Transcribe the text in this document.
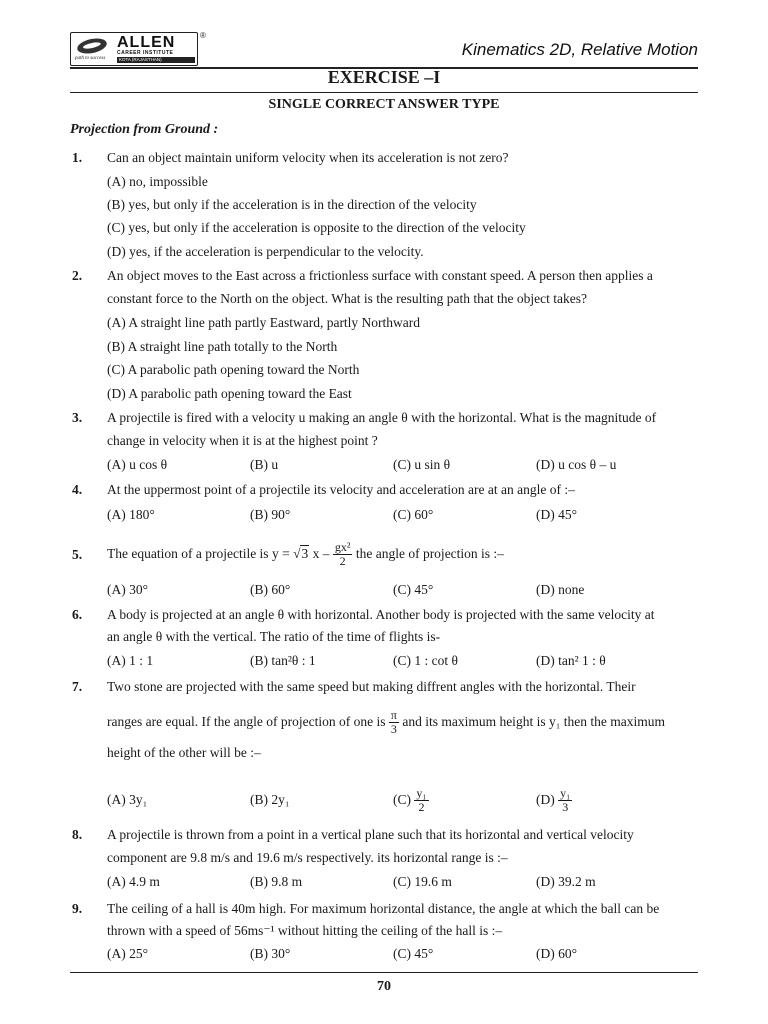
ALLEN
CAREER INSTITUTE
KOTA (RAJASTHAN)
path to success
®
Kinematics 2D, Relative Motion
EXERCISE –I
SINGLE CORRECT ANSWER TYPE
Projection from Ground :
1. Can an object maintain uniform velocity when its acceleration is not zero?
(A) no, impossible
(B) yes, but only if the acceleration is in the direction of the velocity
(C) yes, but only if the acceleration is opposite to the direction of the velocity
(D) yes, if the acceleration is perpendicular to the velocity.
2. An object moves to the East across a frictionless surface with constant speed. A person then applies a
constant force to the North on the object. What is the resulting path that the object takes?
(A) A straight line path partly Eastward, partly Northward
(B) A straight line path totally to the North
(C) A parabolic path opening toward the North
(D) A parabolic path opening toward the East
3. A projectile is fired with a velocity u making an angle θ with the horizontal. What is the magnitude of
change in velocity when it is at the highest point ?
(A) u cos θ	(B) u	(C) u sin θ	(D) u cos θ – u
4. At the uppermost point of a projectile its velocity and acceleration are at an angle of :–
(A) 180°	(B) 90°	(C) 60°	(D) 45°
5. The equation of a projectile is y = √3 x – $\frac{\text{gx²}}{2}$ the angle of projection is :–
(A) 30°	(B) 60°	(C) 45°	(D) none
6. A body is projected at an angle θ with horizontal. Another body is projected with the same velocity at
an angle θ with the vertical. The ratio of the time of flights is-
(A) 1 : 1	(B) tan²θ : 1	(C) 1 : cot θ	(D) tan² 1 : θ
7. Two stone are projected with the same speed but making diffrent angles with the horizontal. Their
ranges are equal. If the angle of projection of one is $\frac{\pi}{3}$ and its maximum height is y₁ then the maximum
height of the other will be :–
(A) 3y₁	(B) 2y₁	$(C) \frac{\text{y₁}}{2}$	$(D) \frac{\text{y₁}}{3}$
8. A projectile is thrown from a point in a vertical plane such that its horizontal and vertical velocity
component are 9.8 m/s and 19.6 m/s respectively. its horizontal range is :–
(A) 4.9 m	(B) 9.8 m	(C) 19.6 m	(D) 39.2 m
9. The ceiling of a hall is 40m high. For maximum horizontal distance, the angle at which the ball can be
thrown with a speed of 56ms⁻¹ without hitting the ceiling of the hall is :–
(A) 25°	(B) 30°	(C) 45°	(D) 60°
70
